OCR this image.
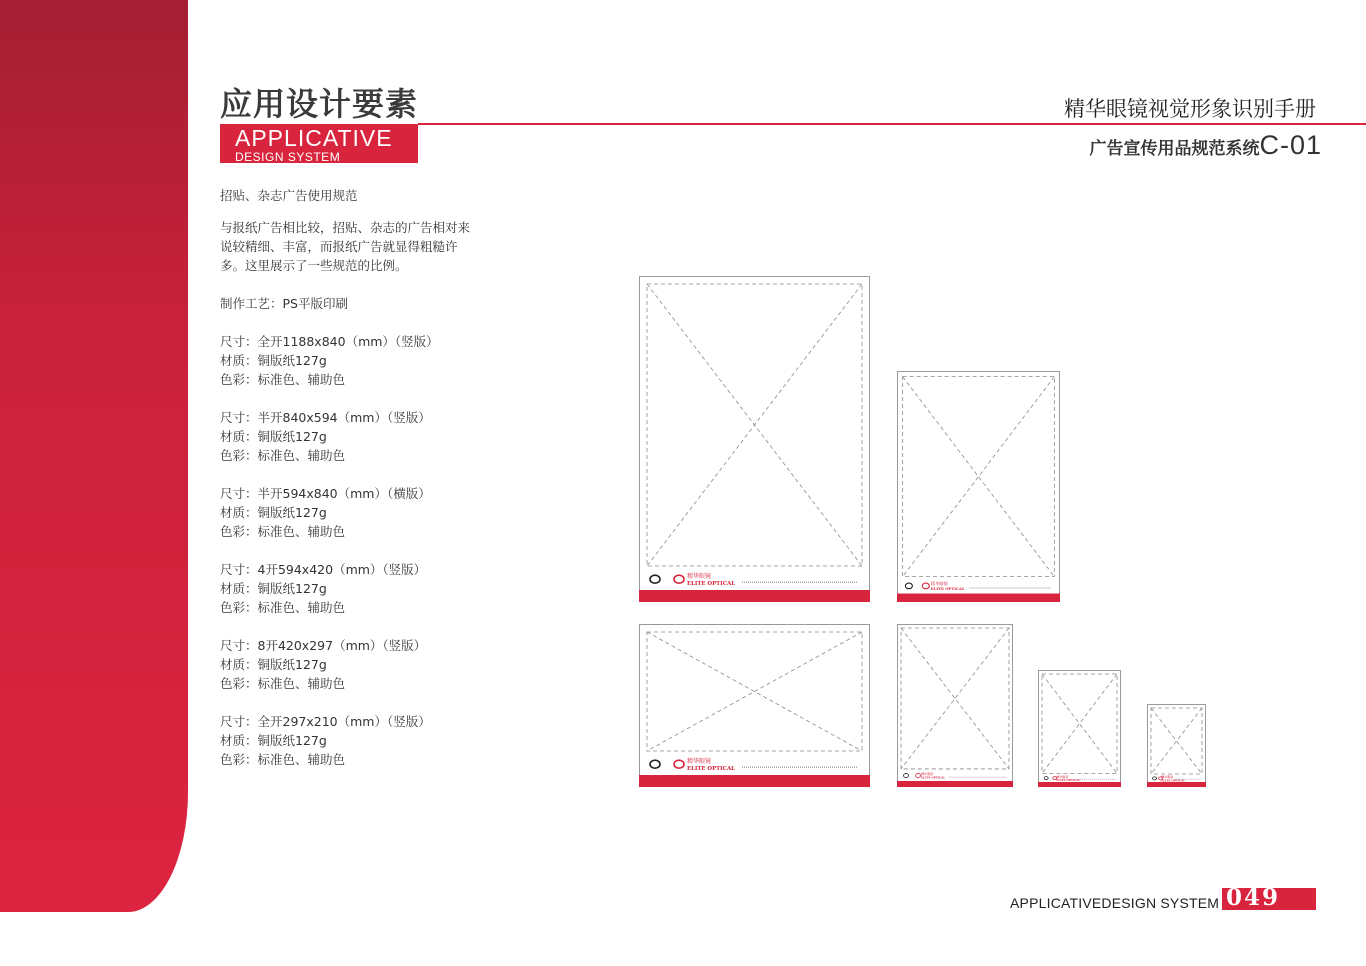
应用设计要素
APPLICATIVE
DESIGN SYSTEM
精华眼镜视觉形象识别手册
广告宣传用品规范系统C-01

招贴、杂志广告使用规范

与报纸广告相比较，招贴、杂志的广告相对来说较精细、丰富，而报纸广告就显得粗糙许多。这里展示了一些规范的比例。

制作工艺：PS平版印刷

尺寸：全开1188x840（mm）（竖版）

材质：铜版纸127g

色彩：标准色、辅助色

尺寸：半开840x594（mm）（竖版）

材质：铜版纸127g

色彩：标准色、辅助色

尺寸：半开594x840（mm）（横版）

材质：铜版纸127g

色彩：标准色、辅助色

尺寸：4开594x420（mm）（竖版）

材质：铜版纸127g

色彩：标准色、辅助色

尺寸：8开420x297（mm）（竖版）

材质：铜版纸127g

色彩：标准色、辅助色

尺寸：全开297x210（mm）（竖版）

材质：铜版纸127g

色彩：标准色、辅助色

精华眼镜
ELITE OPTICAL	精华眼镜
ELITE OPTICAL
精华眼镜
ELITE OPTICAL
精华眼镜
ELITE OPTICAL	精华眼镜
ELITE OPTICAL
精华眼镜
ELITE OPTICAL
APPLICATIVEDESIGN SYSTEM 049
